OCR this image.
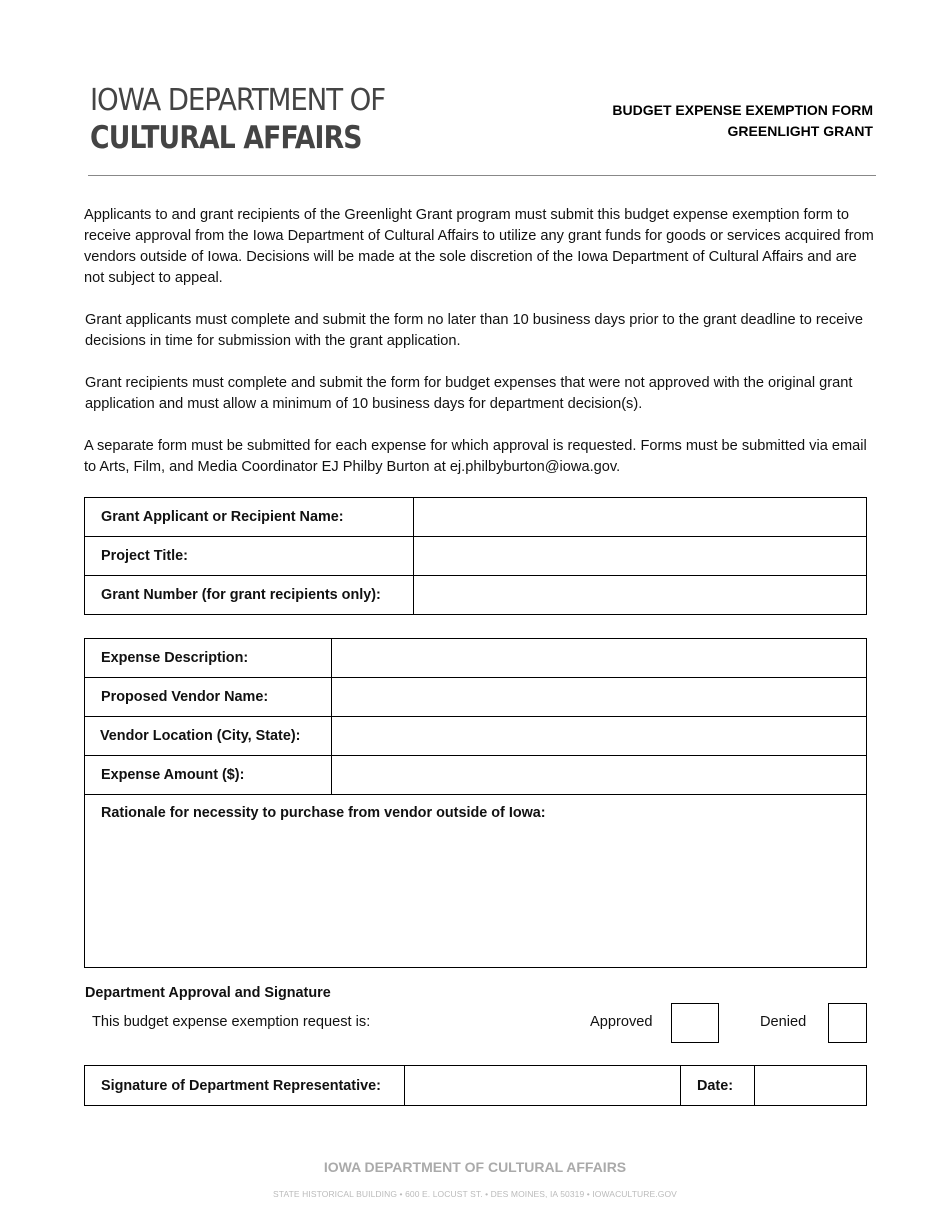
IOWA DEPARTMENT OF
CULTURAL AFFAIRS
BUDGET EXPENSE EXEMPTION FORM
GREENLIGHT GRANT

Applicants to and grant recipients of the Greenlight Grant program must submit this budget expense exemption form to receive approval from the Iowa Department of Cultural Affairs to utilize any grant funds for goods or services acquired from vendors outside of Iowa. Decisions will be made at the sole discretion of the Iowa Department of Cultural Affairs and are not subject to appeal.

Grant applicants must complete and submit the form no later than 10 business days prior to the grant deadline to receive decisions in time for submission with the grant application.

Grant recipients must complete and submit the form for budget expenses that were not approved with the original grant application and must allow a minimum of 10 business days for department decision(s).

A separate form must be submitted for each expense for which approval is requested. Forms must be submitted via email to Arts, Film, and Media Coordinator EJ Philby Burton at ej.philbyburton@iowa.gov.

Grant Applicant or Recipient Name:	
Project Title:	
Grant Number (for grant recipients only):	
Expense Description:	
Proposed Vendor Name:	
Vendor Location (City, State):	
Expense Amount ($):	
Rationale for necessity to purchase from vendor outside of Iowa:	
Department Approval and Signature
This budget expense exemption request is:	Approved	Denied
Signature of Department Representative:		Date:	
IOWA DEPARTMENT OF CULTURAL AFFAIRS
STATE HISTORICAL BUILDING • 600 E. LOCUST ST. • DES MOINES, IA 50319 • IOWACULTURE.GOV
